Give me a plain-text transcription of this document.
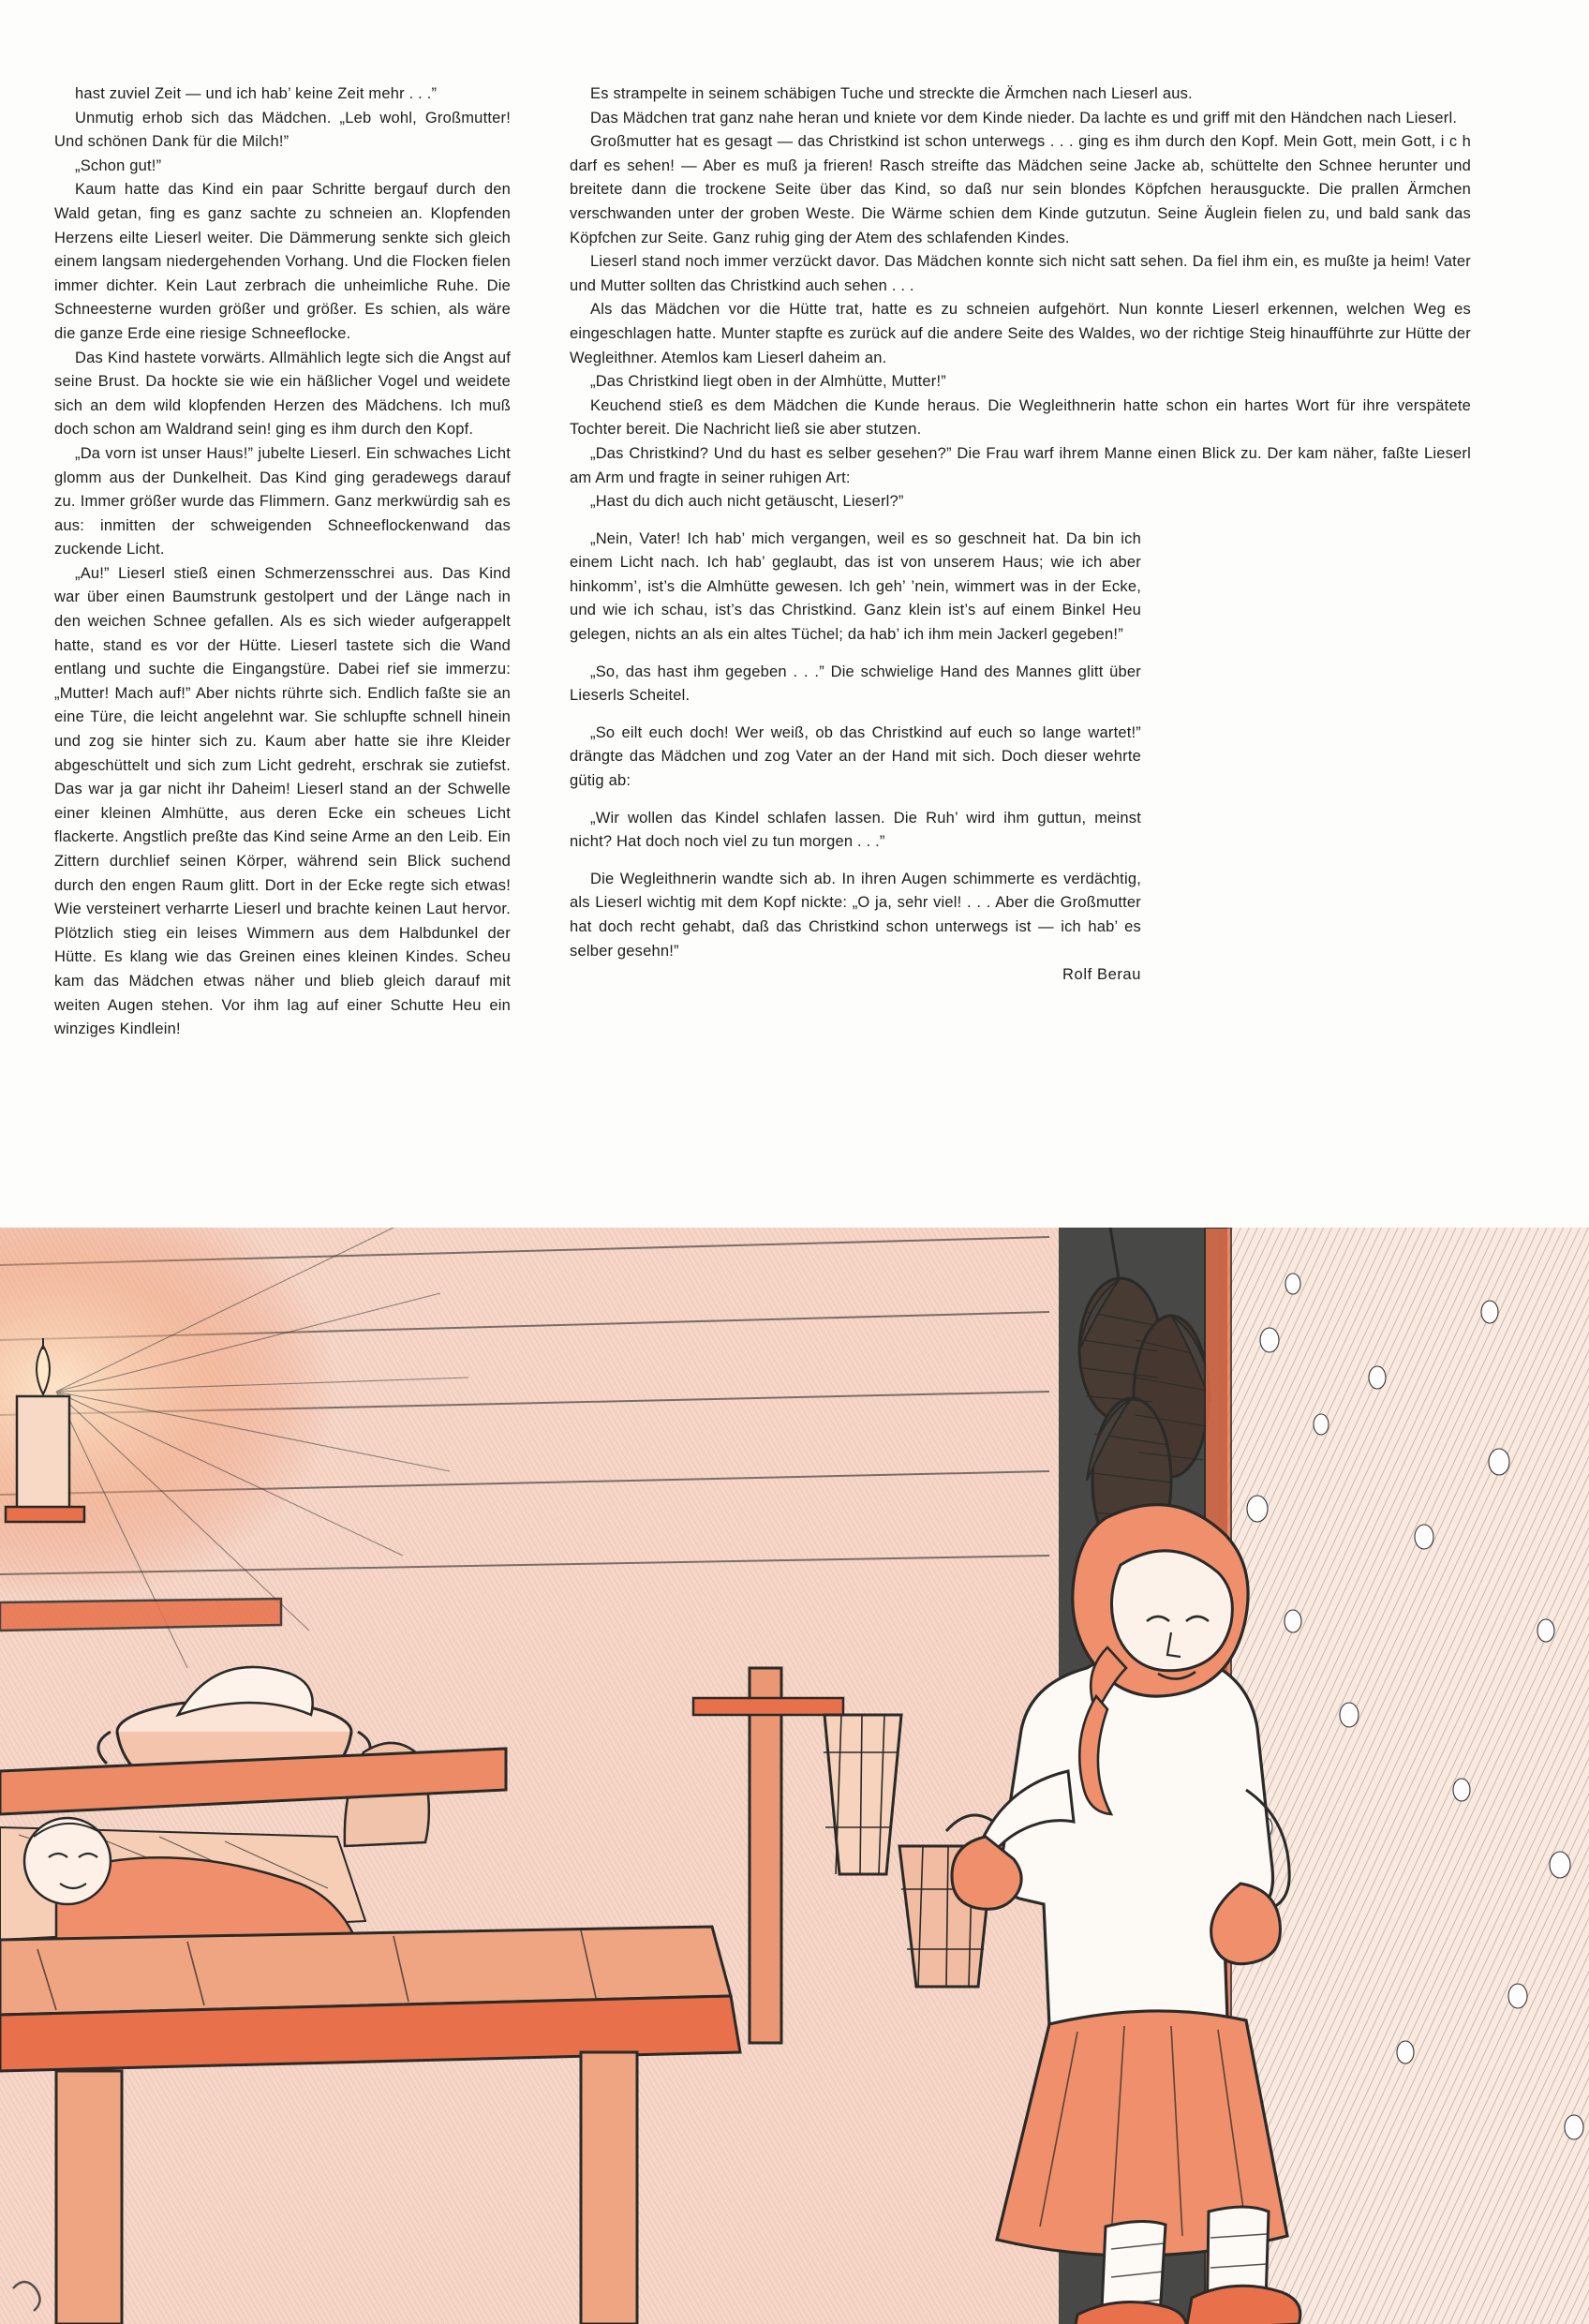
hast zuviel Zeit — und ich hab’ keine Zeit mehr . . .”

Unmutig erhob sich das Mädchen. „Leb wohl, Großmutter! Und schönen Dank für die Milch!”

„Schon gut!”

Kaum hatte das Kind ein paar Schritte bergauf durch den Wald getan, fing es ganz sachte zu schneien an. Klopfenden Herzens eilte Lieserl weiter. Die Dämmerung senkte sich gleich einem langsam niedergehenden Vorhang. Und die Flocken fielen immer dichter. Kein Laut zerbrach die unheimliche Ruhe. Die Schneesterne wurden größer und größer. Es schien, als wäre die ganze Erde eine riesige Schneeflocke.

Das Kind hastete vorwärts. Allmählich legte sich die Angst auf seine Brust. Da hockte sie wie ein häßlicher Vogel und weidete sich an dem wild klopfenden Herzen des Mädchens. Ich muß doch schon am Waldrand sein! ging es ihm durch den Kopf.

„Da vorn ist unser Haus!” jubelte Lieserl. Ein schwaches Licht glomm aus der Dunkelheit. Das Kind ging geradewegs darauf zu. Immer größer wurde das Flimmern. Ganz merkwürdig sah es aus: inmitten der schweigenden Schneeflockenwand das zuckende Licht.

„Au!” Lieserl stieß einen Schmerzensschrei aus. Das Kind war über einen Baumstrunk gestolpert und der Länge nach in den weichen Schnee gefallen. Als es sich wieder aufgerappelt hatte, stand es vor der Hütte. Lieserl tastete sich die Wand entlang und suchte die Eingangstüre. Dabei rief sie immerzu: „Mutter! Mach auf!” Aber nichts rührte sich. Endlich faßte sie an eine Türe, die leicht angelehnt war. Sie schlupfte schnell hinein und zog sie hinter sich zu. Kaum aber hatte sie ihre Kleider abgeschüttelt und sich zum Licht gedreht, erschrak sie zutiefst. Das war ja gar nicht ihr Daheim! Lieserl stand an der Schwelle einer kleinen Almhütte, aus deren Ecke ein scheues Licht flackerte. Angstlich preßte das Kind seine Arme an den Leib. Ein Zittern durchlief seinen Körper, während sein Blick suchend durch den engen Raum glitt. Dort in der Ecke regte sich etwas! Wie versteinert verharrte Lieserl und brachte keinen Laut hervor. Plötzlich stieg ein leises Wimmern aus dem Halbdunkel der Hütte. Es klang wie das Greinen eines kleinen Kindes. Scheu kam das Mädchen etwas näher und blieb gleich darauf mit weiten Augen stehen. Vor ihm lag auf einer Schutte Heu ein winziges Kindlein!

Es strampelte in seinem schäbigen Tuche und streckte die Ärmchen nach Lieserl aus.

Das Mädchen trat ganz nahe heran und kniete vor dem Kinde nieder. Da lachte es und griff mit den Händchen nach Lieserl.

Großmutter hat es gesagt — das Christkind ist schon unterwegs . . . ging es ihm durch den Kopf. Mein Gott, mein Gott, i c h darf es sehen! — Aber es muß ja frieren! Rasch streifte das Mädchen seine Jacke ab, schüttelte den Schnee herunter und breitete dann die trockene Seite über das Kind, so daß nur sein blondes Köpfchen herausguckte. Die prallen Ärmchen verschwanden unter der groben Weste. Die Wärme schien dem Kinde gutzutun. Seine Äuglein fielen zu, und bald sank das Köpfchen zur Seite. Ganz ruhig ging der Atem des schlafenden Kindes.

Lieserl stand noch immer verzückt davor. Das Mädchen konnte sich nicht satt sehen. Da fiel ihm ein, es mußte ja heim! Vater und Mutter sollten das Christkind auch sehen . . .

Als das Mädchen vor die Hütte trat, hatte es zu schneien aufgehört. Nun konnte Lieserl erkennen, welchen Weg es eingeschlagen hatte. Munter stapfte es zurück auf die andere Seite des Waldes, wo der richtige Steig hinaufführte zur Hütte der Wegleithner. Atemlos kam Lieserl daheim an.

„Das Christkind liegt oben in der Almhütte, Mutter!”

Keuchend stieß es dem Mädchen die Kunde heraus. Die Wegleithnerin hatte schon ein hartes Wort für ihre verspätete Tochter bereit. Die Nachricht ließ sie aber stutzen.

„Das Christkind? Und du hast es selber gesehen?” Die Frau warf ihrem Manne einen Blick zu. Der kam näher, faßte Lieserl am Arm und fragte in seiner ruhigen Art:

„Hast du dich auch nicht getäuscht, Lieserl?”

„Nein, Vater! Ich hab’ mich vergangen, weil es so geschneit hat. Da bin ich einem Licht nach. Ich hab’ geglaubt, das ist von unserem Haus; wie ich aber hinkomm’, ist’s die Almhütte gewesen. Ich geh’ ’nein, wimmert was in der Ecke, und wie ich schau, ist’s das Christkind. Ganz klein ist’s auf einem Binkel Heu gelegen, nichts an als ein altes Tüchel; da hab’ ich ihm mein Jackerl gegeben!”

„So, das hast ihm gegeben . . .” Die schwielige Hand des Mannes glitt über Lieserls Scheitel.

„So eilt euch doch! Wer weiß, ob das Christkind auf euch so lange wartet!” drängte das Mädchen und zog Vater an der Hand mit sich. Doch dieser wehrte gütig ab:

„Wir wollen das Kindel schlafen lassen. Die Ruh’ wird ihm guttun, meinst nicht? Hat doch noch viel zu tun morgen . . .”

Die Wegleithnerin wandte sich ab. In ihren Augen schimmerte es verdächtig, als Lieserl wichtig mit dem Kopf nickte: „O ja, sehr viel! . . . Aber die Großmutter hat doch recht gehabt, daß das Christkind schon unterwegs ist — ich hab’ es selber gesehn!”

Rolf Berau
